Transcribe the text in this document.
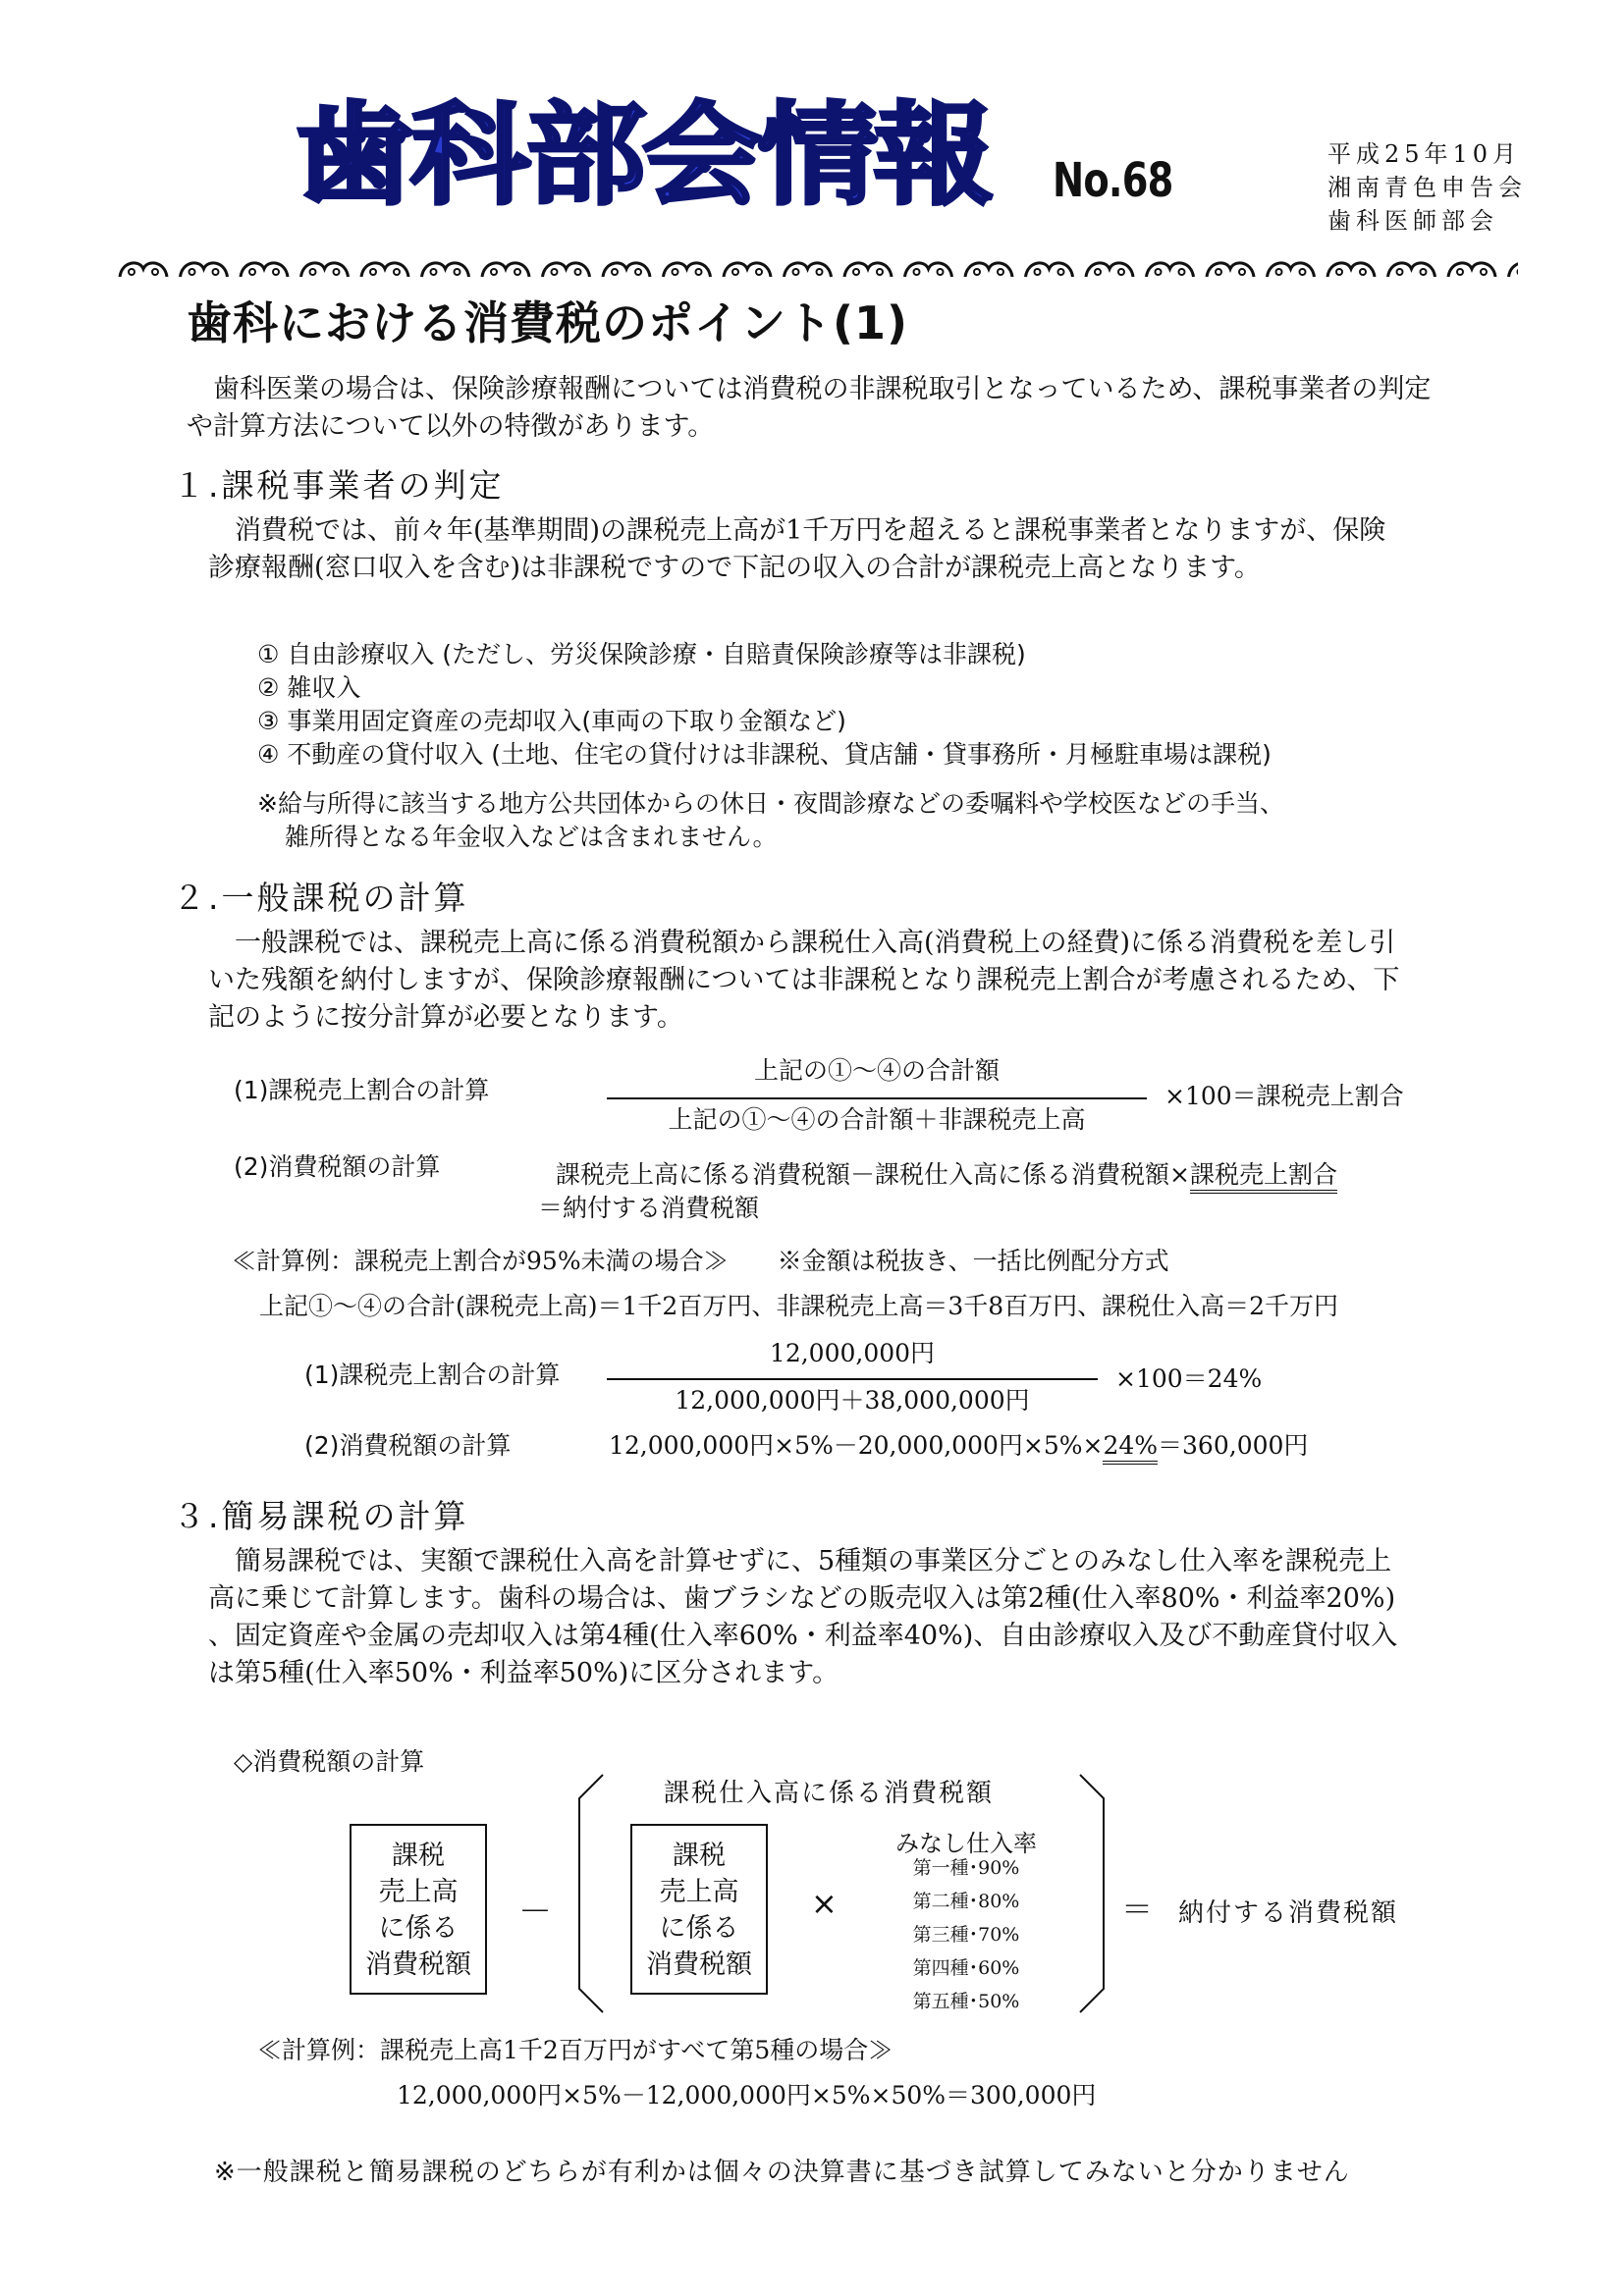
歯科部会情報 No.68	平成25年10月
湘南青色申告会
歯科医師部会
歯科における消費税のポイント(1)
　歯科医業の場合は、保険診療報酬については消費税の非課税取引となっているため、課税事業者の判定
や計算方法について以外の特徴があります。
１.課税事業者の判定
　消費税では、前々年(基準期間)の課税売上高が1千万円を超えると課税事業者となりますが、保険
診療報酬(窓口収入を含む)は非課税ですので下記の収入の合計が課税売上高となります。
① 自由診療収入 (ただし、労災保険診療・自賠責保険診療等は非課税)
② 雑収入
③ 事業用固定資産の売却収入(車両の下取り金額など)
④ 不動産の貸付収入 (土地、住宅の貸付けは非課税、貸店舗・貸事務所・月極駐車場は課税)
※給与所得に該当する地方公共団体からの休日・夜間診療などの委嘱料や学校医などの手当、
雑所得となる年金収入などは含まれません。
２.一般課税の計算
　一般課税では、課税売上高に係る消費税額から課税仕入高(消費税上の経費)に係る消費税を差し引
いた残額を納付しますが、保険診療報酬については非課税となり課税売上割合が考慮されるため、下
記のように按分計算が必要となります。
(1)課税売上割合の計算
上記の①～④の合計額
上記の①～④の合計額＋非課税売上高
×100＝課税売上割合
(2)消費税額の計算	課税売上高に係る消費税額－課税仕入高に係る消費税額×課税売上割合
＝納付する消費税額
≪計算例：課税売上割合が95%未満の場合≫　　※金額は税抜き、一括比例配分方式
上記①～④の合計(課税売上高)＝1千2百万円、非課税売上高＝3千8百万円、課税仕入高＝2千万円
(1)課税売上割合の計算
12,000,000円
12,000,000円＋38,000,000円
×100＝24%
(2)消費税額の計算	12,000,000円×5%－20,000,000円×5%×24%＝360,000円
３.簡易課税の計算
　簡易課税では、実額で課税仕入高を計算せずに、5種類の事業区分ごとのみなし仕入率を課税売上
高に乗じて計算します。歯科の場合は、歯ブラシなどの販売収入は第2種(仕入率80%・利益率20%)
、固定資産や金属の売却収入は第4種(仕入率60%・利益率40%)、自由診療収入及び不動産貸付収入
は第5種(仕入率50%・利益率50%)に区分されます。
◇消費税額の計算
課税
売上高
に係る
消費税額
－
課税仕入高に係る消費税額
課税
売上高
に係る
消費税額
×
みなし仕入率
第一種･90%
第二種･80%
第三種･70%
第四種･60%
第五種･50%
＝ 納付する消費税額
≪計算例：課税売上高1千2百万円がすべて第5種の場合≫
12,000,000円×5%－12,000,000円×5%×50%＝300,000円
※一般課税と簡易課税のどちらが有利かは個々の決算書に基づき試算してみないと分かりません
